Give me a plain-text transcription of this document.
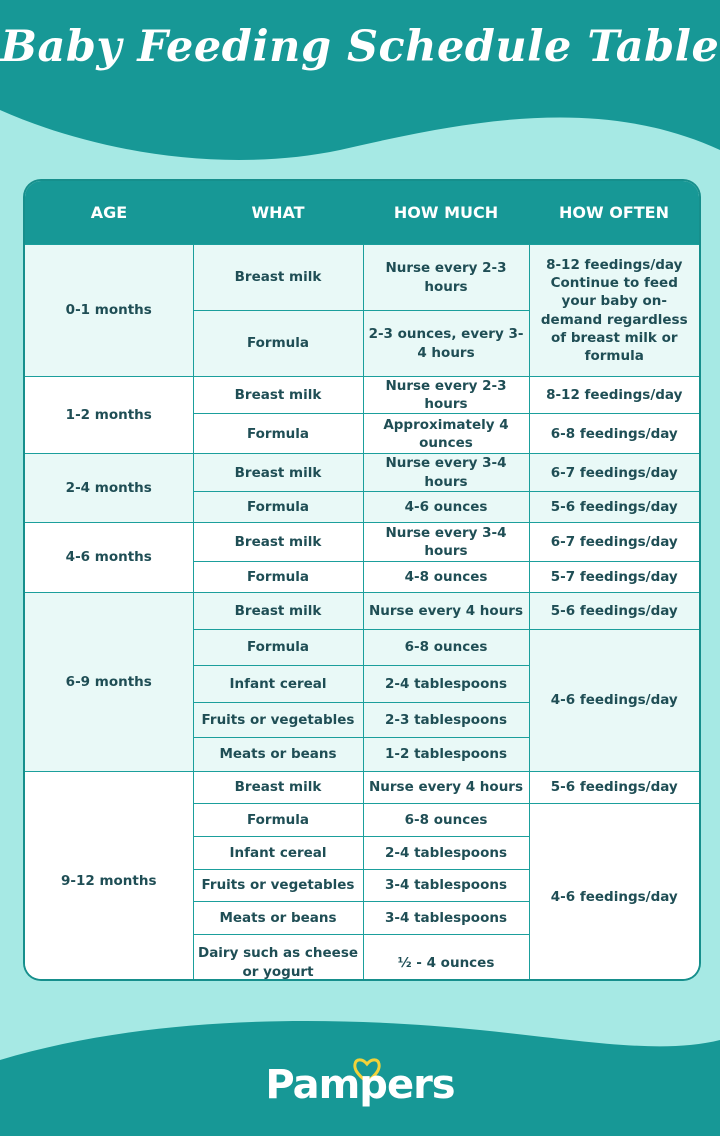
Baby Feeding Schedule Table
AGE	WHAT	HOW MUCH	HOW OFTEN
0-1 months	Breast milk	Nurse every 2-3 hours	8-12 feedings/day Continue to feed your baby on-demand regardless of breast milk or formula
	Formula	2-3 ounces, every 3-4 hours	
1-2 months	Breast milk	Nurse every 2-3 hours	8-12 feedings/day
	Formula	Approximately 4 ounces	6-8 feedings/day
2-4 months	Breast milk	Nurse every 3-4 hours	6-7 feedings/day
	Formula	4-6 ounces	5-6 feedings/day
4-6 months	Breast milk	Nurse every 3-4 hours	6-7 feedings/day
	Formula	4-8 ounces	5-7 feedings/day
6-9 months	Breast milk	Nurse every 4 hours	5-6 feedings/day
	Formula	6-8 ounces	4-6 feedings/day
	Infant cereal	2-4 tablespoons	
	Fruits or vegetables	2-3 tablespoons	
	Meats or beans	1-2 tablespoons	
9-12 months	Breast milk	Nurse every 4 hours	5-6 feedings/day
	Formula	6-8 ounces	4-6 feedings/day
	Infant cereal	2-4 tablespoons	
	Fruits or vegetables	3-4 tablespoons	
	Meats or beans	3-4 tablespoons	
	Dairy such as cheese or yogurt	½ - 4 ounces	
Pampers
